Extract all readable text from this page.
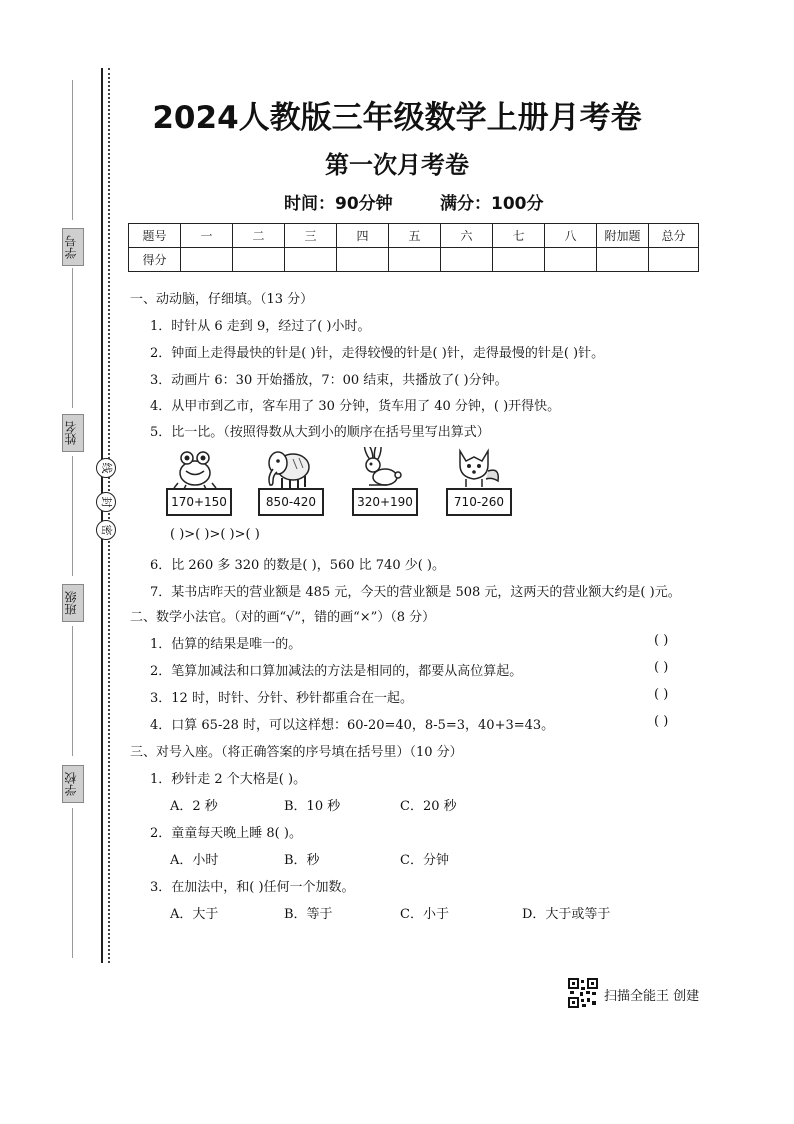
学号
姓名
班级
学校
密
封
线
2024人教版三年级数学上册月考卷
第一次月考卷
时间：90分钟	满分：100分
题号	一	二	三	四	五	六	七	八	附加题	总分
得分										
一、动动脑，仔细填。（13 分）
1．时针从 6 走到 9，经过了( )小时。
2．钟面上走得最快的针是( )针，走得较慢的针是( )针，走得最慢的针是( )针。
3．动画片 6：30 开始播放，7：00 结束，共播放了( )分钟。
4．从甲市到乙市，客车用了 30 分钟，货车用了 40 分钟，( )开得快。
5．比一比。（按照得数从大到小的顺序在括号里写出算式）
170+150	850-420	320+190	710-260
( )>( )>( )>( )
6．比 260 多 320 的数是( )，560 比 740 少( )。
7．某书店昨天的营业额是 485 元，今天的营业额是 508 元，这两天的营业额大约是( )元。
二、数学小法官。（对的画“√”，错的画“×”）（8 分）
1．估算的结果是唯一的。	( )
2．笔算加减法和口算加减法的方法是相同的，都要从高位算起。	( )
3．12 时，时针、分针、秒针都重合在一起。	( )
4．口算 65-28 时，可以这样想：60-20=40，8-5=3，40+3=43。	( )
三、对号入座。（将正确答案的序号填在括号里）（10 分）
1．秒针走 2 个大格是( )。
A．2 秒	B．10 秒	C．20 秒
2．童童每天晚上睡 8( )。
A．小时	B．秒	C．分钟
3．在加法中，和( )任何一个加数。
A．大于	B．等于	C．小于	D．大于或等于
扫描全能王 创建
